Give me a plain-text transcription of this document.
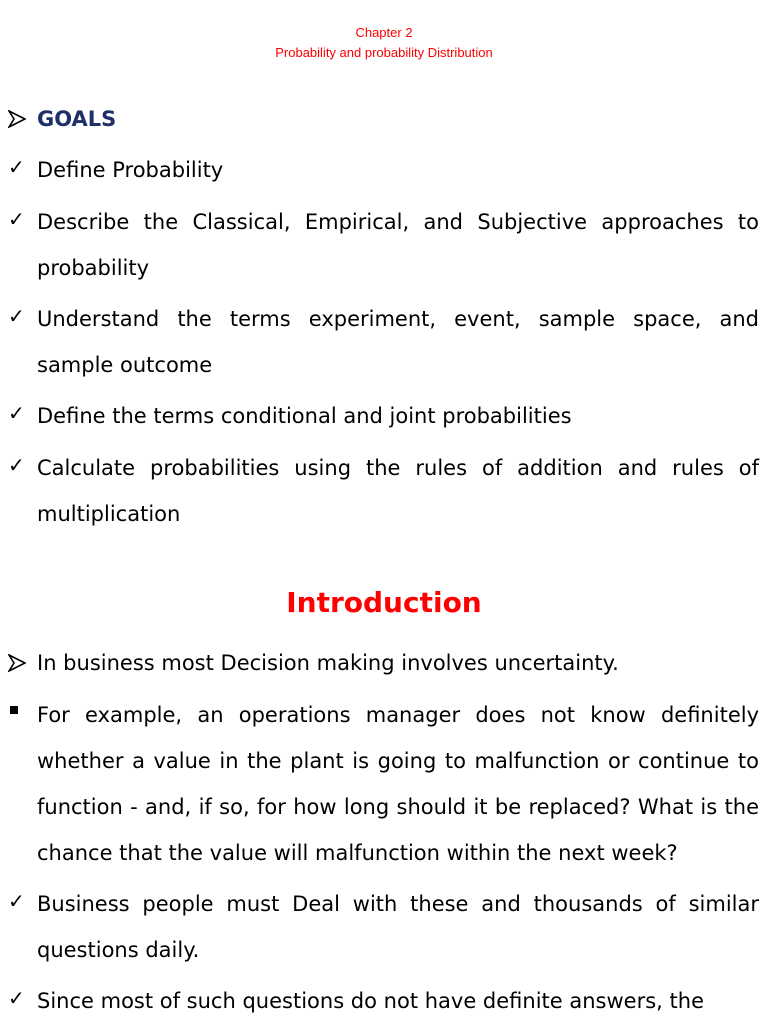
Chapter 2
Probability and probability Distribution
GOALS
✓ Define Probability
✓ Describe the Classical, Empirical, and Subjective approaches to probability
✓ Understand the terms experiment, event, sample space, and sample outcome
✓ Define the terms conditional and joint probabilities
✓ Calculate probabilities using the rules of addition and rules of multiplication
Introduction
In business most Decision making involves uncertainty.
For example, an operations manager does not know definitely whether a value in the plant is going to malfunction or continue to function - and, if so, for how long should it be replaced? What is the chance that the value will malfunction within the next week?
✓ Business people must Deal with these and thousands of similar questions daily.
✓ Since most of such questions do not have definite answers, the
